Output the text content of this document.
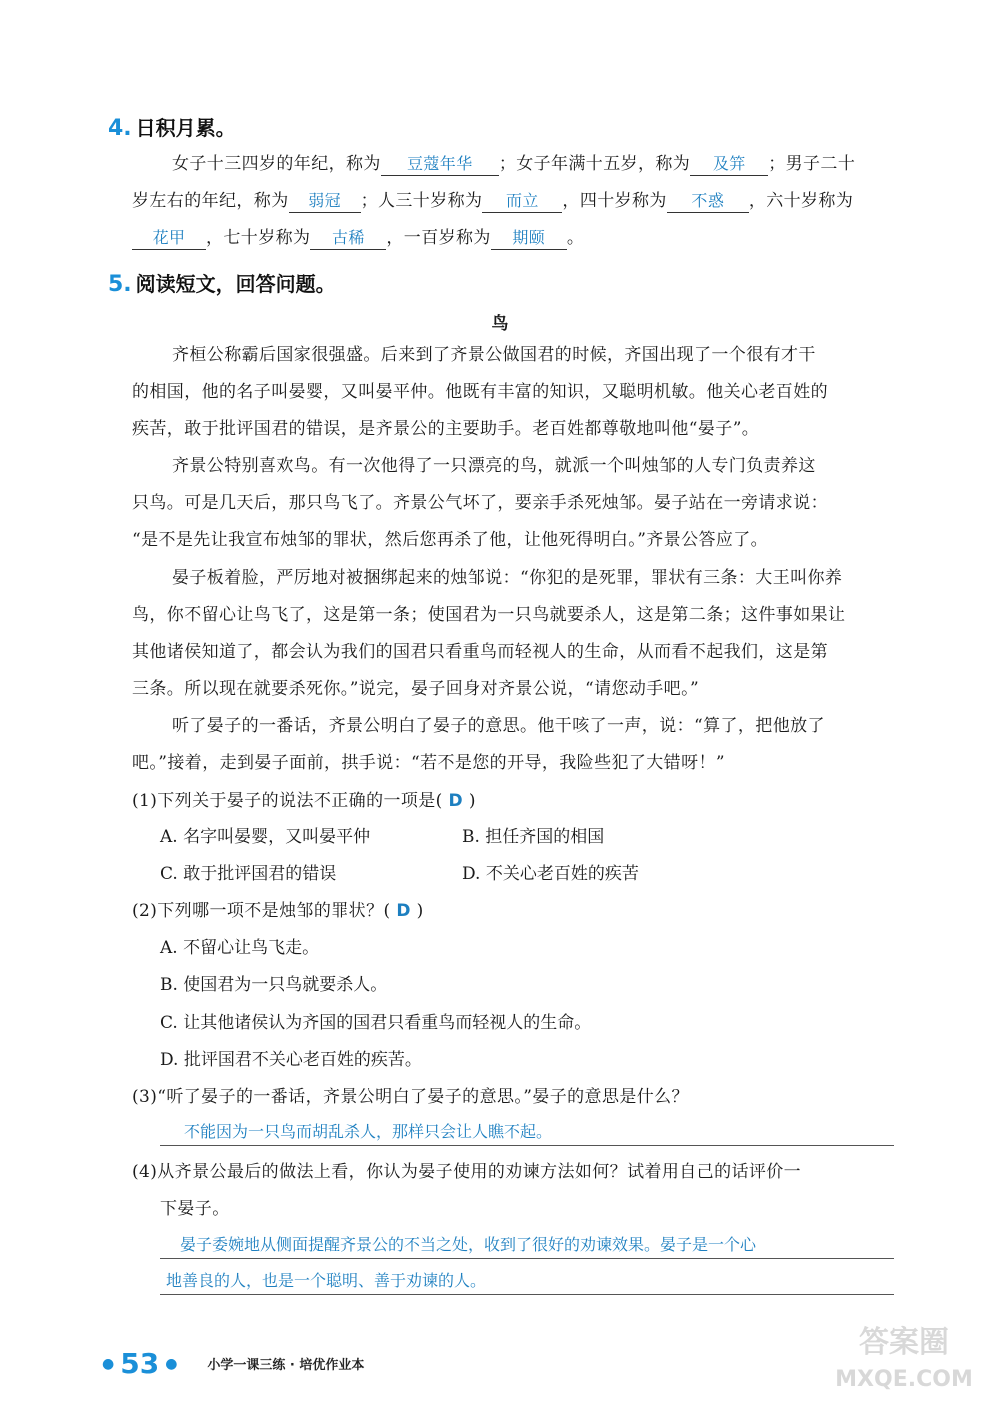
4. 日积月累。
女子十三四岁的年纪，称为 豆蔻年华 ；女子年满十五岁，称为 及笄 ；男子二十
岁左右的年纪，称为 弱冠 ；人三十岁称为 而立 ，四十岁称为 不惑 ，六十岁称为
花甲 ，七十岁称为 古稀 ，一百岁称为 期颐 。
5. 阅读短文，回答问题。
鸟
齐桓公称霸后国家很强盛。后来到了齐景公做国君的时候，齐国出现了一个很有才干
的相国，他的名子叫晏婴，又叫晏平仲。他既有丰富的知识，又聪明机敏。他关心老百姓的
疾苦，敢于批评国君的错误，是齐景公的主要助手。老百姓都尊敬地叫他“晏子”。
齐景公特别喜欢鸟。有一次他得了一只漂亮的鸟，就派一个叫烛邹的人专门负责养这
只鸟。可是几天后，那只鸟飞了。齐景公气坏了，要亲手杀死烛邹。晏子站在一旁请求说：
“是不是先让我宣布烛邹的罪状，然后您再杀了他，让他死得明白。”齐景公答应了。
晏子板着脸，严厉地对被捆绑起来的烛邹说：“你犯的是死罪，罪状有三条：大王叫你养
鸟，你不留心让鸟飞了，这是第一条；使国君为一只鸟就要杀人，这是第二条；这件事如果让
其他诸侯知道了，都会认为我们的国君只看重鸟而轻视人的生命，从而看不起我们，这是第
三条。所以现在就要杀死你。”说完，晏子回身对齐景公说，“请您动手吧。”
听了晏子的一番话，齐景公明白了晏子的意思。他干咳了一声，说：“算了，把他放了
吧。”接着，走到晏子面前，拱手说：“若不是您的开导，我险些犯了大错呀！”
(1)下列关于晏子的说法不正确的一项是( D )
A. 名字叫晏婴，又叫晏平仲	B. 担任齐国的相国
C. 敢于批评国君的错误	D. 不关心老百姓的疾苦
(2)下列哪一项不是烛邹的罪状？( D )
A. 不留心让鸟飞走。
B. 使国君为一只鸟就要杀人。
C. 让其他诸侯认为齐国的国君只看重鸟而轻视人的生命。
D. 批评国君不关心老百姓的疾苦。
(3)“听了晏子的一番话，齐景公明白了晏子的意思。”晏子的意思是什么？
不能因为一只鸟而胡乱杀人，那样只会让人瞧不起。
(4)从齐景公最后的做法上看，你认为晏子使用的劝谏方法如何？试着用自己的话评价一
下晏子。
晏子委婉地从侧面提醒齐景公的不当之处，收到了很好的劝谏效果。晏子是一个心
地善良的人，也是一个聪明、善于劝谏的人。
● 53 ● 小学一课三练 · 培优作业本
答案圈
MXQE.COM
